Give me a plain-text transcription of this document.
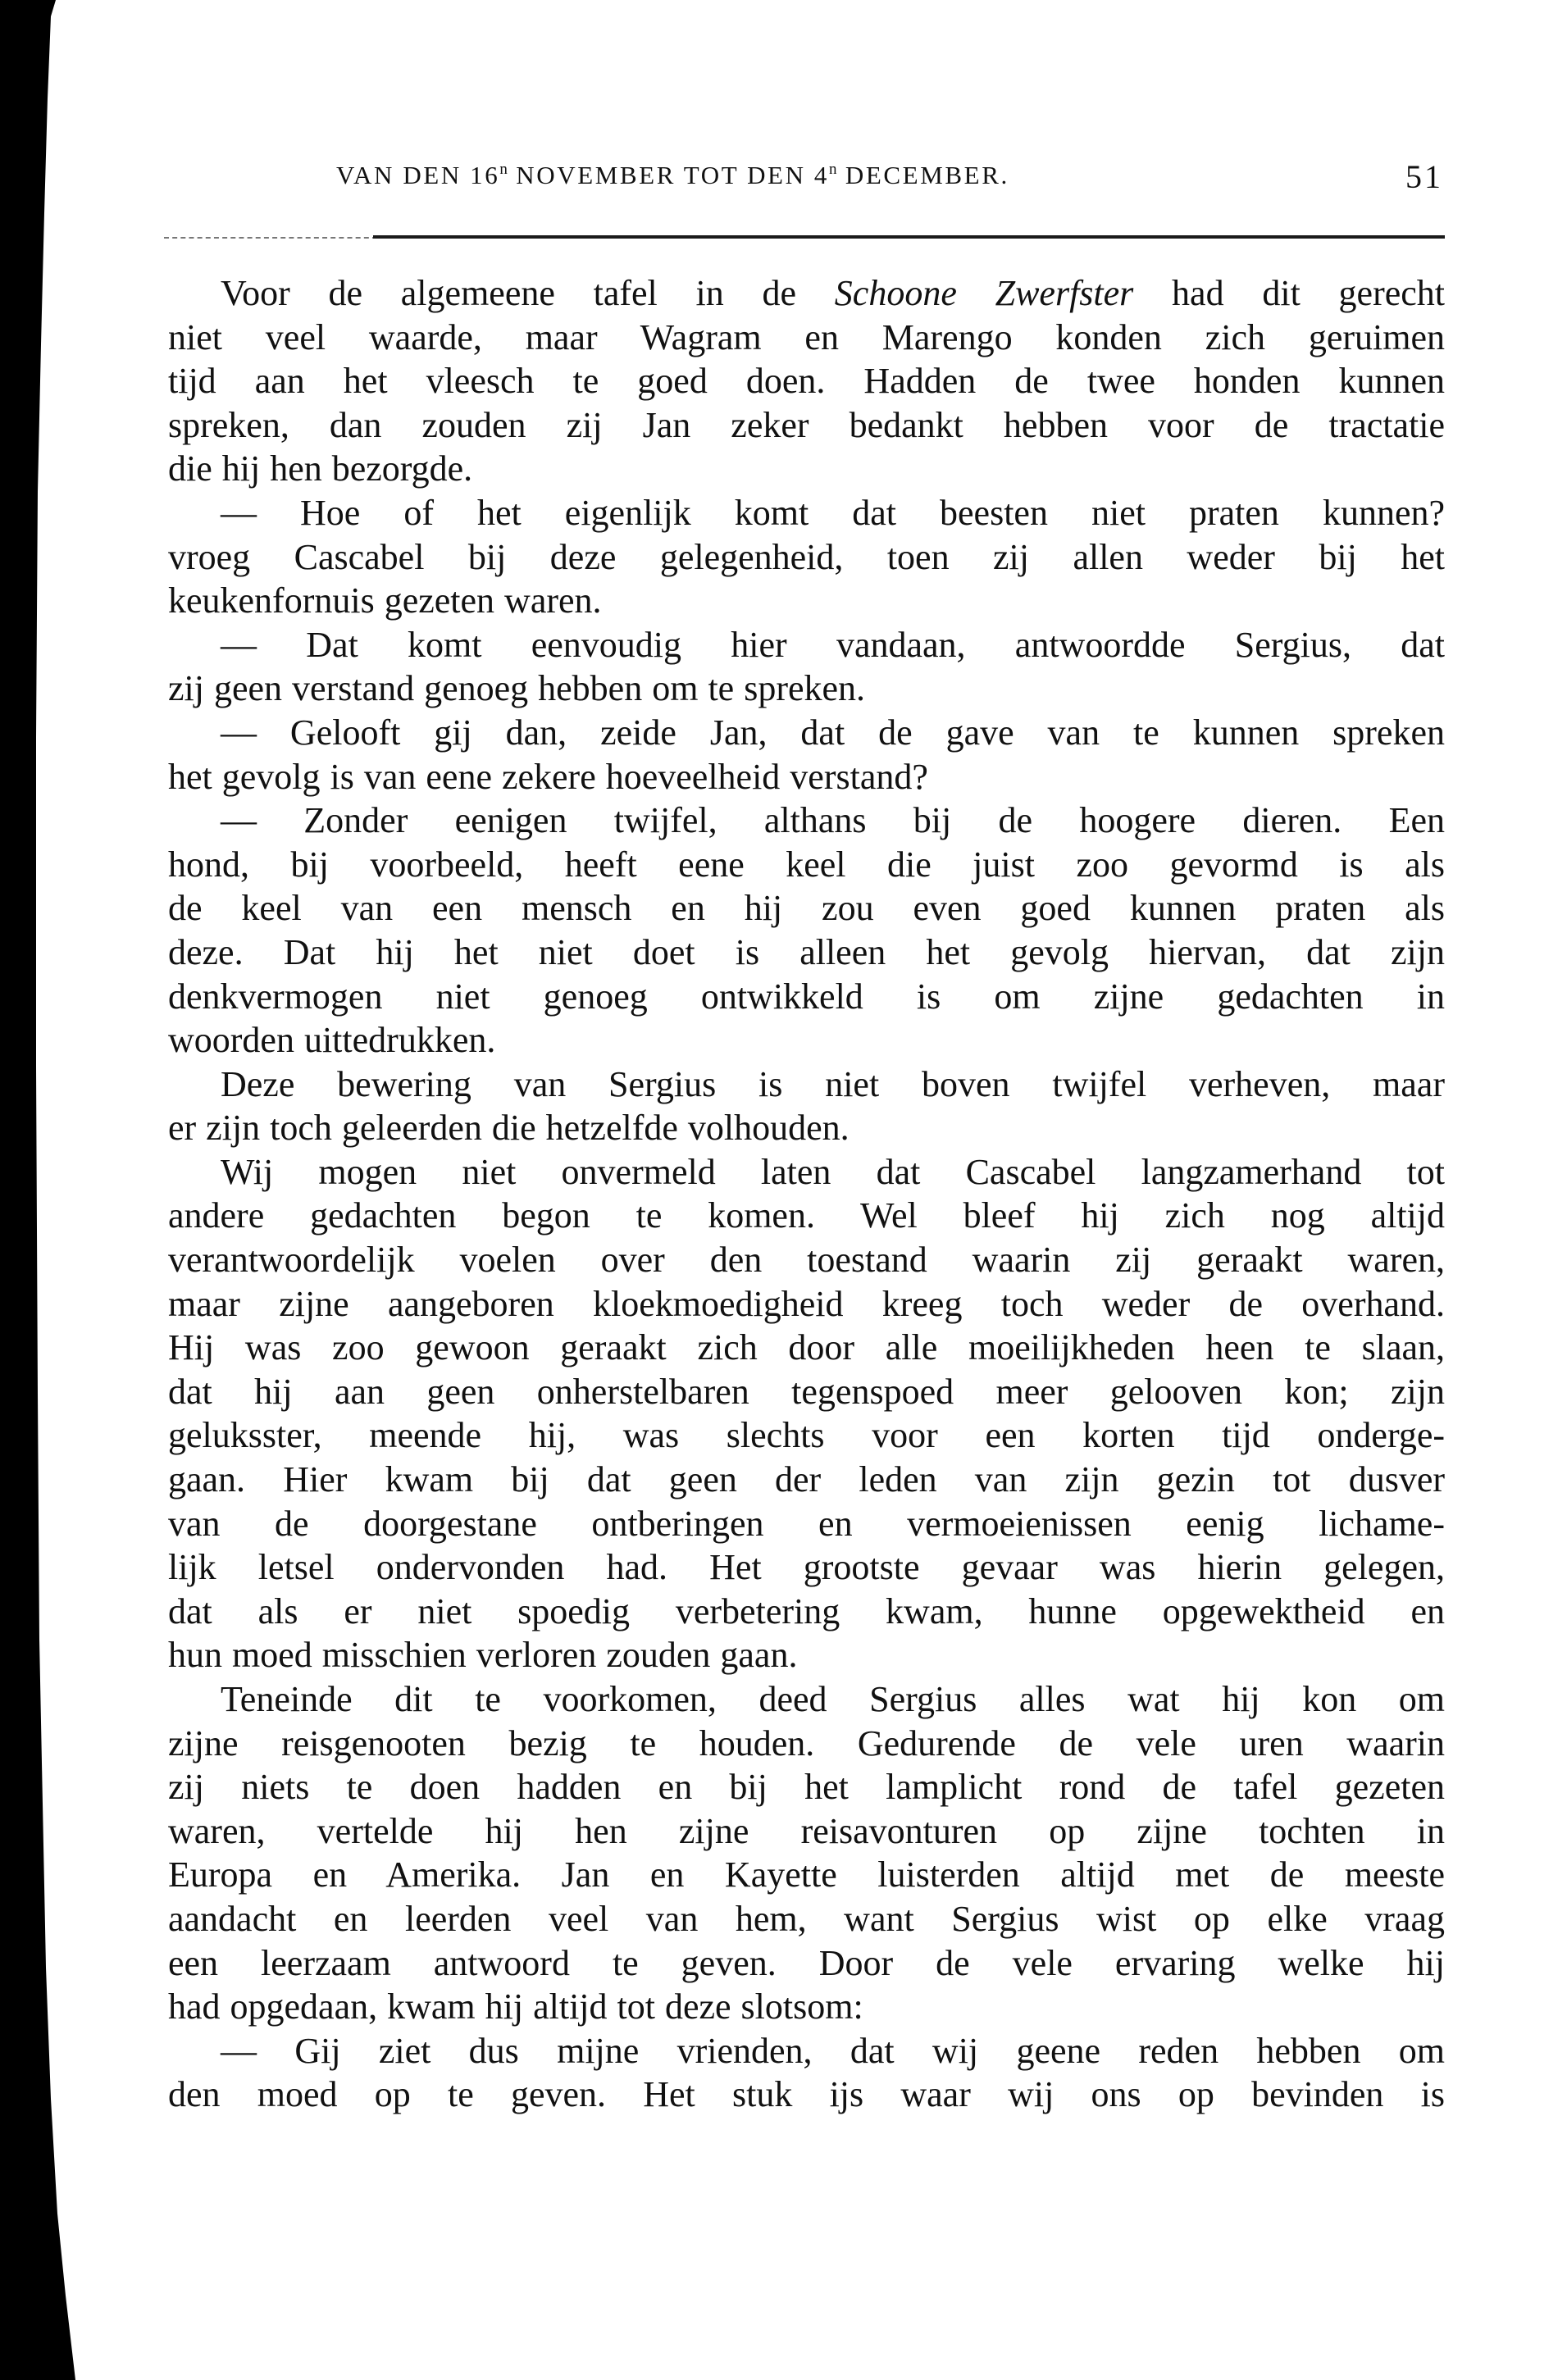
VAN DEN 16$^n$ NOVEMBER TOT DEN 4$^n$ DECEMBER.	51
Voor de algemeene tafel in de Schoone Zwerfster had dit gerecht
niet veel waarde, maar Wagram en Marengo konden zich geruimen
tijd aan het vleesch te goed doen. Hadden de twee honden kunnen
spreken, dan zouden zij Jan zeker bedankt hebben voor de tractatie
die hij hen bezorgde.
— Hoe of het eigenlijk komt dat beesten niet praten kunnen?
vroeg Cascabel bij deze gelegenheid, toen zij allen weder bij het
keukenfornuis gezeten waren.
— Dat komt eenvoudig hier vandaan, antwoordde Sergius, dat
zij geen verstand genoeg hebben om te spreken.
— Gelooft gij dan, zeide Jan, dat de gave van te kunnen spreken
het gevolg is van eene zekere hoeveelheid verstand?
— Zonder eenigen twijfel, althans bij de hoogere dieren. Een
hond, bij voorbeeld, heeft eene keel die juist zoo gevormd is als
de keel van een mensch en hij zou even goed kunnen praten als
deze. Dat hij het niet doet is alleen het gevolg hiervan, dat zijn
denkvermogen niet genoeg ontwikkeld is om zijne gedachten in
woorden uittedrukken.
Deze bewering van Sergius is niet boven twijfel verheven, maar
er zijn toch geleerden die hetzelfde volhouden.
Wij mogen niet onvermeld laten dat Cascabel langzamerhand tot
andere gedachten begon te komen. Wel bleef hij zich nog altijd
verantwoordelijk voelen over den toestand waarin zij geraakt waren,
maar zijne aangeboren kloekmoedigheid kreeg toch weder de overhand.
Hij was zoo gewoon geraakt zich door alle moeilijkheden heen te slaan,
dat hij aan geen onherstelbaren tegenspoed meer gelooven kon; zijn
geluksster, meende hij, was slechts voor een korten tijd onderge-
gaan. Hier kwam bij dat geen der leden van zijn gezin tot dusver
van de doorgestane ontberingen en vermoeienissen eenig lichame-
lijk letsel ondervonden had. Het grootste gevaar was hierin gelegen,
dat als er niet spoedig verbetering kwam, hunne opgewektheid en
hun moed misschien verloren zouden gaan.
Teneinde dit te voorkomen, deed Sergius alles wat hij kon om
zijne reisgenooten bezig te houden. Gedurende de vele uren waarin
zij niets te doen hadden en bij het lamplicht rond de tafel gezeten
waren, vertelde hij hen zijne reisavonturen op zijne tochten in
Europa en Amerika. Jan en Kayette luisterden altijd met de meeste
aandacht en leerden veel van hem, want Sergius wist op elke vraag
een leerzaam antwoord te geven. Door de vele ervaring welke hij
had opgedaan, kwam hij altijd tot deze slotsom:
— Gij ziet dus mijne vrienden, dat wij geene reden hebben om
den moed op te geven. Het stuk ijs waar wij ons op bevinden is
